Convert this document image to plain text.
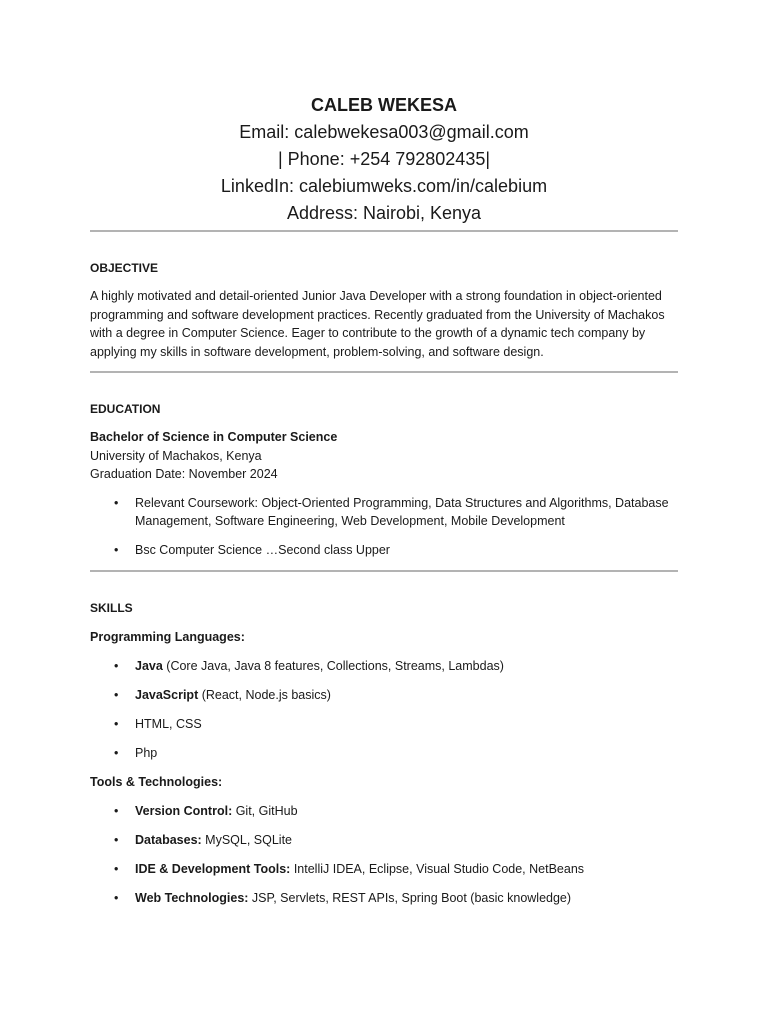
CALEB WEKESA
Email: calebwekesa003@gmail.com
| Phone: +254 792802435|
LinkedIn: calebiumweks.com/in/calebium
Address: Nairobi, Kenya
OBJECTIVE
A highly motivated and detail-oriented Junior Java Developer with a strong foundation in object-oriented programming and software development practices. Recently graduated from the University of Machakos with a degree in Computer Science. Eager to contribute to the growth of a dynamic tech company by applying my skills in software development, problem-solving, and software design.
EDUCATION
Bachelor of Science in Computer Science
University of Machakos, Kenya
Graduation Date: November 2024
• Relevant Coursework: Object-Oriented Programming, Data Structures and Algorithms, Database Management, Software Engineering, Web Development, Mobile Development
• Bsc Computer Science …Second class Upper
SKILLS
Programming Languages:
• Java (Core Java, Java 8 features, Collections, Streams, Lambdas)
• JavaScript (React, Node.js basics)
• HTML, CSS
• Php
Tools & Technologies:
• Version Control: Git, GitHub
• Databases: MySQL, SQLite
• IDE & Development Tools: IntelliJ IDEA, Eclipse, Visual Studio Code, NetBeans
• Web Technologies: JSP, Servlets, REST APIs, Spring Boot (basic knowledge)
